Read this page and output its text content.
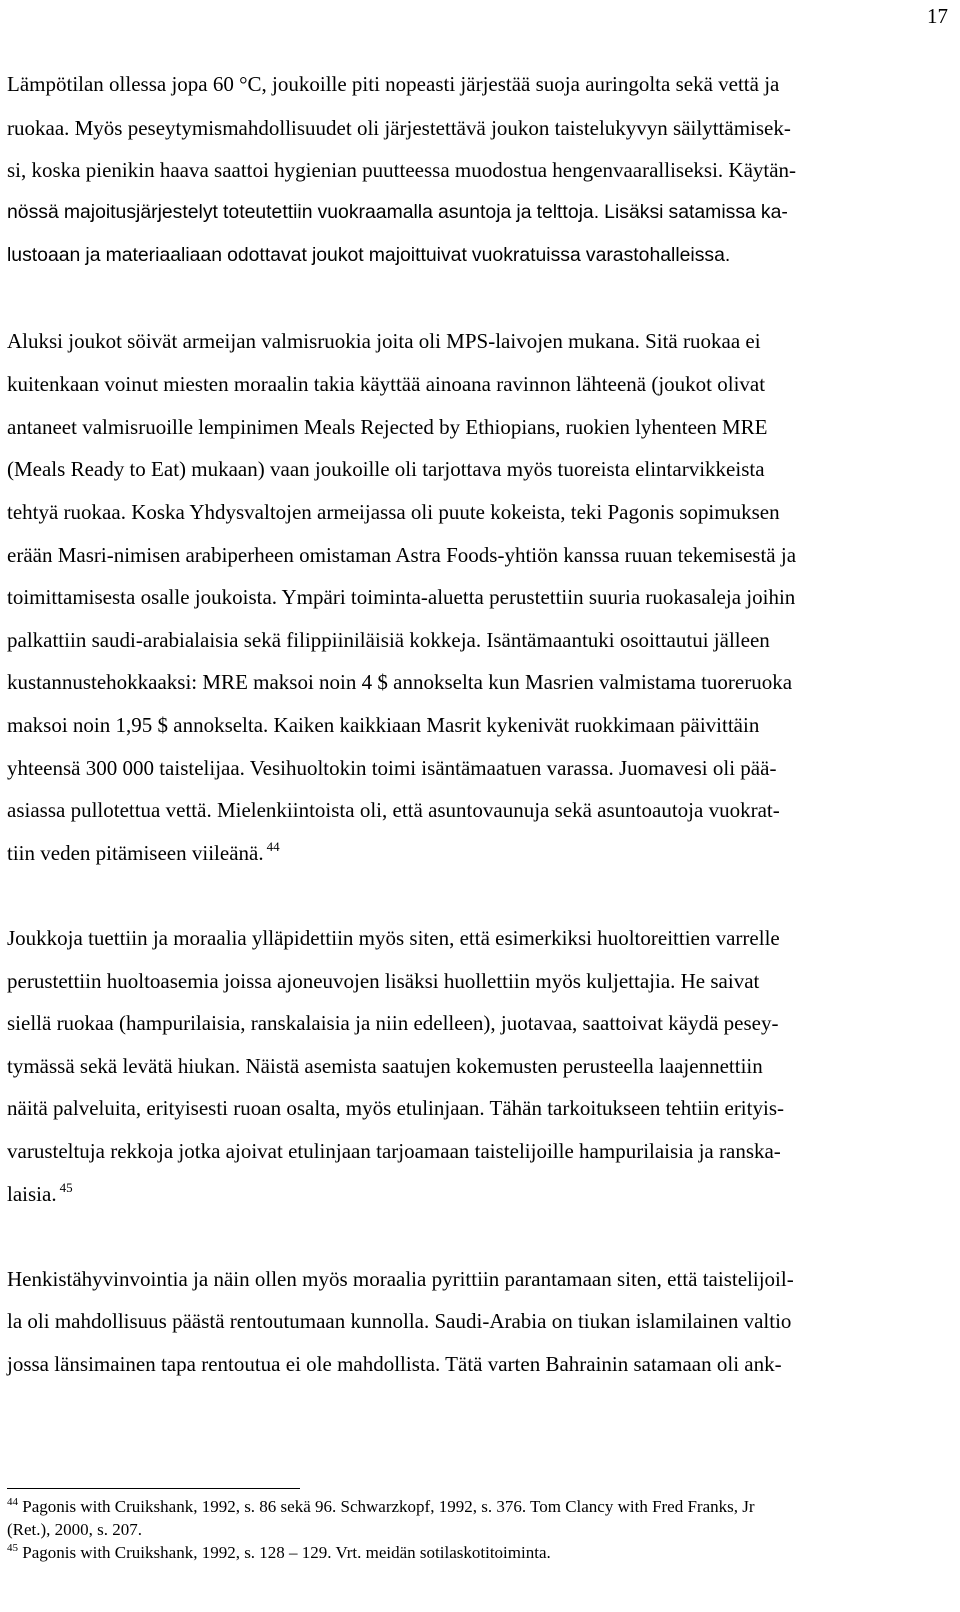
17
Lämpötilan ollessa jopa 60 °C, joukoille piti nopeasti järjestää suoja auringolta sekä vettä ja
ruokaa. Myös peseytymismahdollisuudet oli järjestettävä joukon taistelukyvyn säilyttämisek-
si, koska pienikin haava saattoi hygienian puutteessa muodostua hengenvaaralliseksi. Käytän-
nössä majoitusjärjestelyt toteutettiin vuokraamalla asuntoja ja telttoja. Lisäksi satamissa ka-
lustoaan ja materiaaliaan odottavat joukot majoittuivat vuokratuissa varastohalleissa.
Aluksi joukot söivät armeijan valmisruokia joita oli MPS-laivojen mukana. Sitä ruokaa ei
kuitenkaan voinut miesten moraalin takia käyttää ainoana ravinnon lähteenä (joukot olivat
antaneet valmisruoille lempinimen Meals Rejected by Ethiopians, ruokien lyhenteen MRE
(Meals Ready to Eat) mukaan) vaan joukoille oli tarjottava myös tuoreista elintarvikkeista
tehtyä ruokaa. Koska Yhdysvaltojen armeijassa oli puute kokeista, teki Pagonis sopimuksen
erään Masri-nimisen arabiperheen omistaman Astra Foods-yhtiön kanssa ruuan tekemisestä ja
toimittamisesta osalle joukoista. Ympäri toiminta-aluetta perustettiin suuria ruokasaleja joihin
palkattiin saudi-arabialaisia sekä filippiiniläisiä kokkeja. Isäntämaantuki osoittautui jälleen
kustannustehokkaaksi: MRE maksoi noin 4 $ annokselta kun Masrien valmistama tuoreruoka
maksoi noin 1,95 $ annokselta. Kaiken kaikkiaan Masrit kykenivät ruokkimaan päivittäin
yhteensä 300 000 taistelijaa. Vesihuoltokin toimi isäntämaatuen varassa. Juomavesi oli pää-
asiassa pullotettua vettä. Mielenkiintoista oli, että asuntovaunuja sekä asuntoautoja vuokrat-
tiin veden pitämiseen viileänä. $^{44}$
Joukkoja tuettiin ja moraalia ylläpidettiin myös siten, että esimerkiksi huoltoreittien varrelle
perustettiin huoltoasemia joissa ajoneuvojen lisäksi huollettiin myös kuljettajia. He saivat
siellä ruokaa (hampurilaisia, ranskalaisia ja niin edelleen), juotavaa, saattoivat käydä pesey-
tymässä sekä levätä hiukan. Näistä asemista saatujen kokemusten perusteella laajennettiin
näitä palveluita, erityisesti ruoan osalta, myös etulinjaan. Tähän tarkoitukseen tehtiin erityis-
varusteltuja rekkoja jotka ajoivat etulinjaan tarjoamaan taistelijoille hampurilaisia ja ranska-
laisia. $^{45}$
Henkistähyvinvointia ja näin ollen myös moraalia pyrittiin parantamaan siten, että taistelijoil-
la oli mahdollisuus päästä rentoutumaan kunnolla. Saudi-Arabia on tiukan islamilainen valtio
jossa länsimainen tapa rentoutua ei ole mahdollista. Tätä varten Bahrainin satamaan oli ank-
$^{44}$ Pagonis with Cruikshank, 1992, s. 86 sekä 96. Schwarzkopf, 1992, s. 376. Tom Clancy with Fred Franks, Jr
(Ret.), 2000, s. 207.
$^{45}$ Pagonis with Cruikshank, 1992, s. 128 – 129. Vrt. meidän sotilaskotitoiminta.
